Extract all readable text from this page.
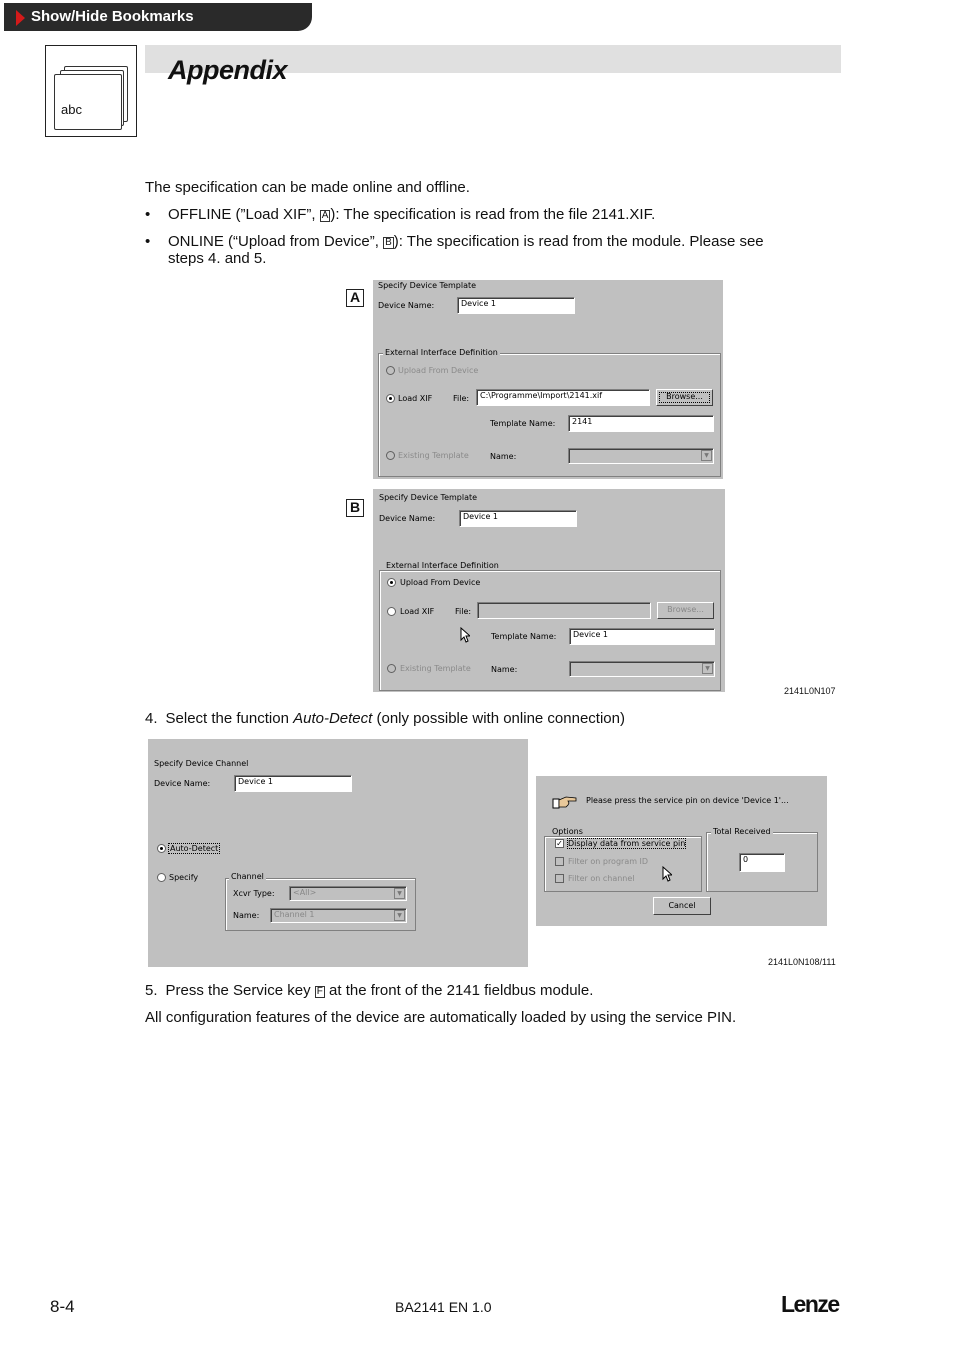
Show/Hide Bookmarks
abc
Appendix
The specification can be made online and offline.
• OFFLINE (”Load XIF”, A ): The specification is read from the file 2141.XIF.
• ONLINE (“Upload from Device”, B ): The specification is read from the module. Please see
steps 4. and 5.
A
Specify Device Template
Device Name:	Device 1
External Interface Definition
Upload From Device
Load XIF	File:	C:\Programme\Import\2141.xif	Browse...
Template Name:	2141
Existing Template	Name:	▼
B
Specify Device Template
Device Name:	Device 1
External Interface Definition
Upload From Device
Load XIF	File:	Browse...
Template Name:	Device 1
Existing Template	Name:	▼
2141L0N107
4. Select the function Auto-Detect (only possible with online connection)
Specify Device Channel
Device Name:	Device 1
Auto-Detect
Specify	Channel
Xcvr Type:	<All>	▼
Name:	Channel 1	▼
Please press the service pin on device 'Device 1'...
Options
✓ Display data from service pin
Filter on program ID
Filter on channel
Total Received
0
Cancel
2141L0N108/111
5. Press the Service key F at the front of the 2141 fieldbus module.
All configuration features of the device are automatically loaded by using the service PIN.
8-4	BA2141 EN 1.0	Lenze
